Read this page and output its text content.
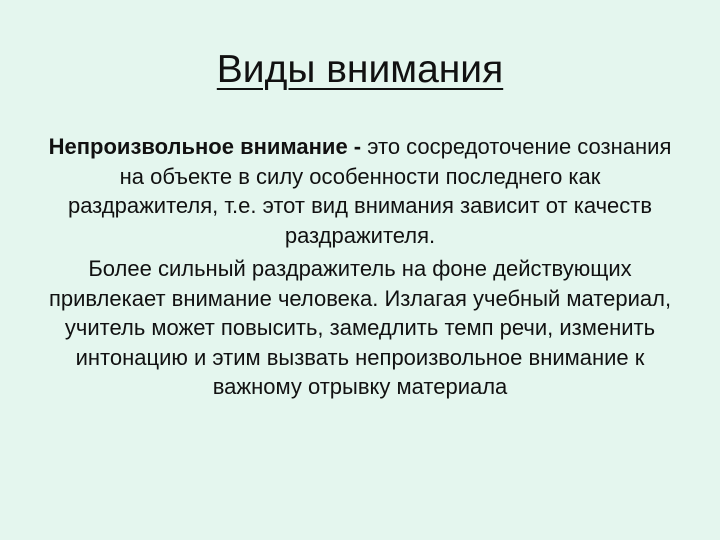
Виды внимания

Непроизвольное внимание - это сосредоточение сознания на объекте в силу особенности последнего как раздражителя, т.е. этот вид внимания зависит от качеств раздражителя.

Более сильный раздражитель на фоне действующих привлекает внимание человека. Излагая учебный материал, учитель может повысить, замедлить темп речи, изменить интонацию и этим вызвать непроизвольное внимание к важному отрывку материала
